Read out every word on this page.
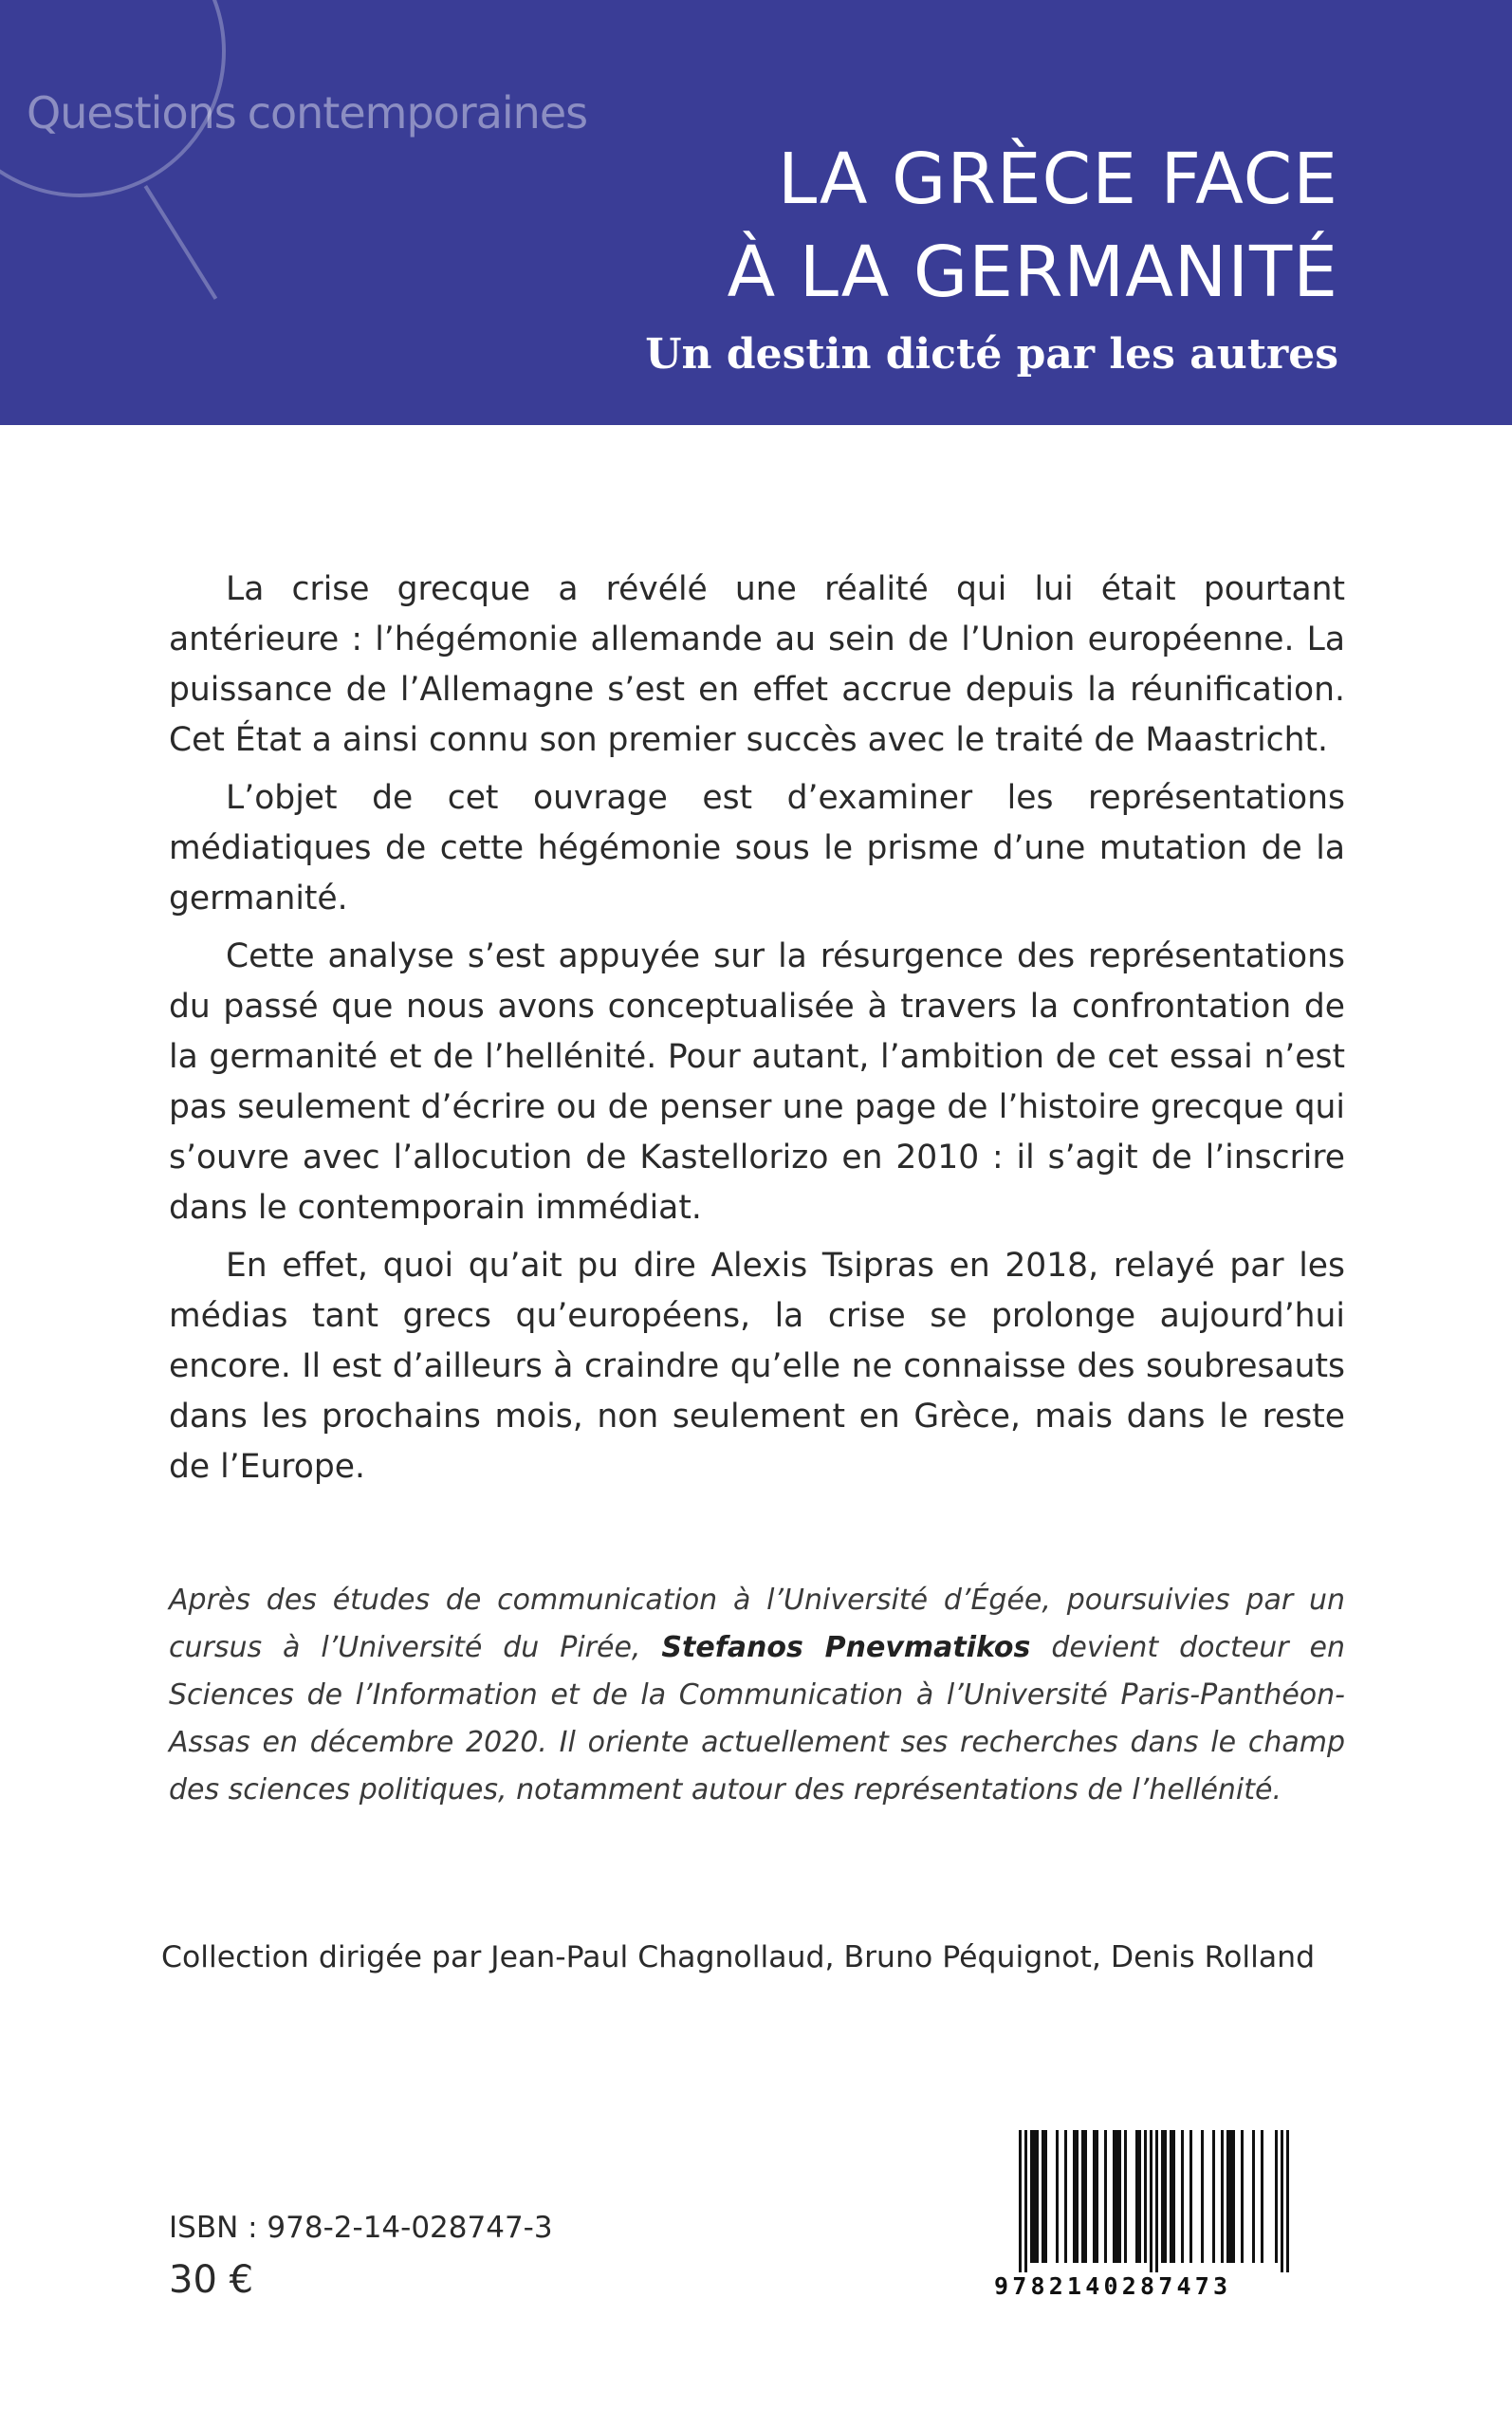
Questions contemporaines
LA GRÈCE FACE
À LA GERMANITÉ
Un destin dicté par les autres

La crise grecque a révélé une réalité qui lui était pourtant antérieure : l’hégémonie allemande au sein de l’Union européenne. La puissance de l’Allemagne s’est en effet accrue depuis la réunification. Cet État a ainsi connu son premier succès avec le traité de Maastricht.

L’objet de cet ouvrage est d’examiner les représentations médiatiques de cette hégémonie sous le prisme d’une mutation de la germanité.

Cette analyse s’est appuyée sur la résurgence des représentations du passé que nous avons conceptualisée à travers la confrontation de la germanité et de l’hellénité. Pour autant, l’ambition de cet essai n’est pas seulement d’écrire ou de penser une page de l’histoire grecque qui s’ouvre avec l’allocution de Kastellorizo en 2010 : il s’agit de l’inscrire dans le contemporain immédiat.

En effet, quoi qu’ait pu dire Alexis Tsipras en 2018, relayé par les médias tant grecs qu’européens, la crise se prolonge aujourd’hui encore. Il est d’ailleurs à craindre qu’elle ne connaisse des soubresauts dans les prochains mois, non seulement en Grèce, mais dans le reste de l’Europe.

Après des études de communication à l’Université d’Égée, poursuivies par un cursus à l’Université du Pirée, Stefanos Pnevmatikos devient docteur en Sciences de l’Information et de la Communication à l’Université Paris-Panthéon-Assas en décembre 2020. Il oriente actuellement ses recherches dans le champ des sciences politiques, notamment autour des représentations de l’hellénité.

Collection dirigée par Jean-Paul Chagnollaud, Bruno Péquignot, Denis Rolland
ISBN : 978-2-14-028747-3
30 €	9782140287473
